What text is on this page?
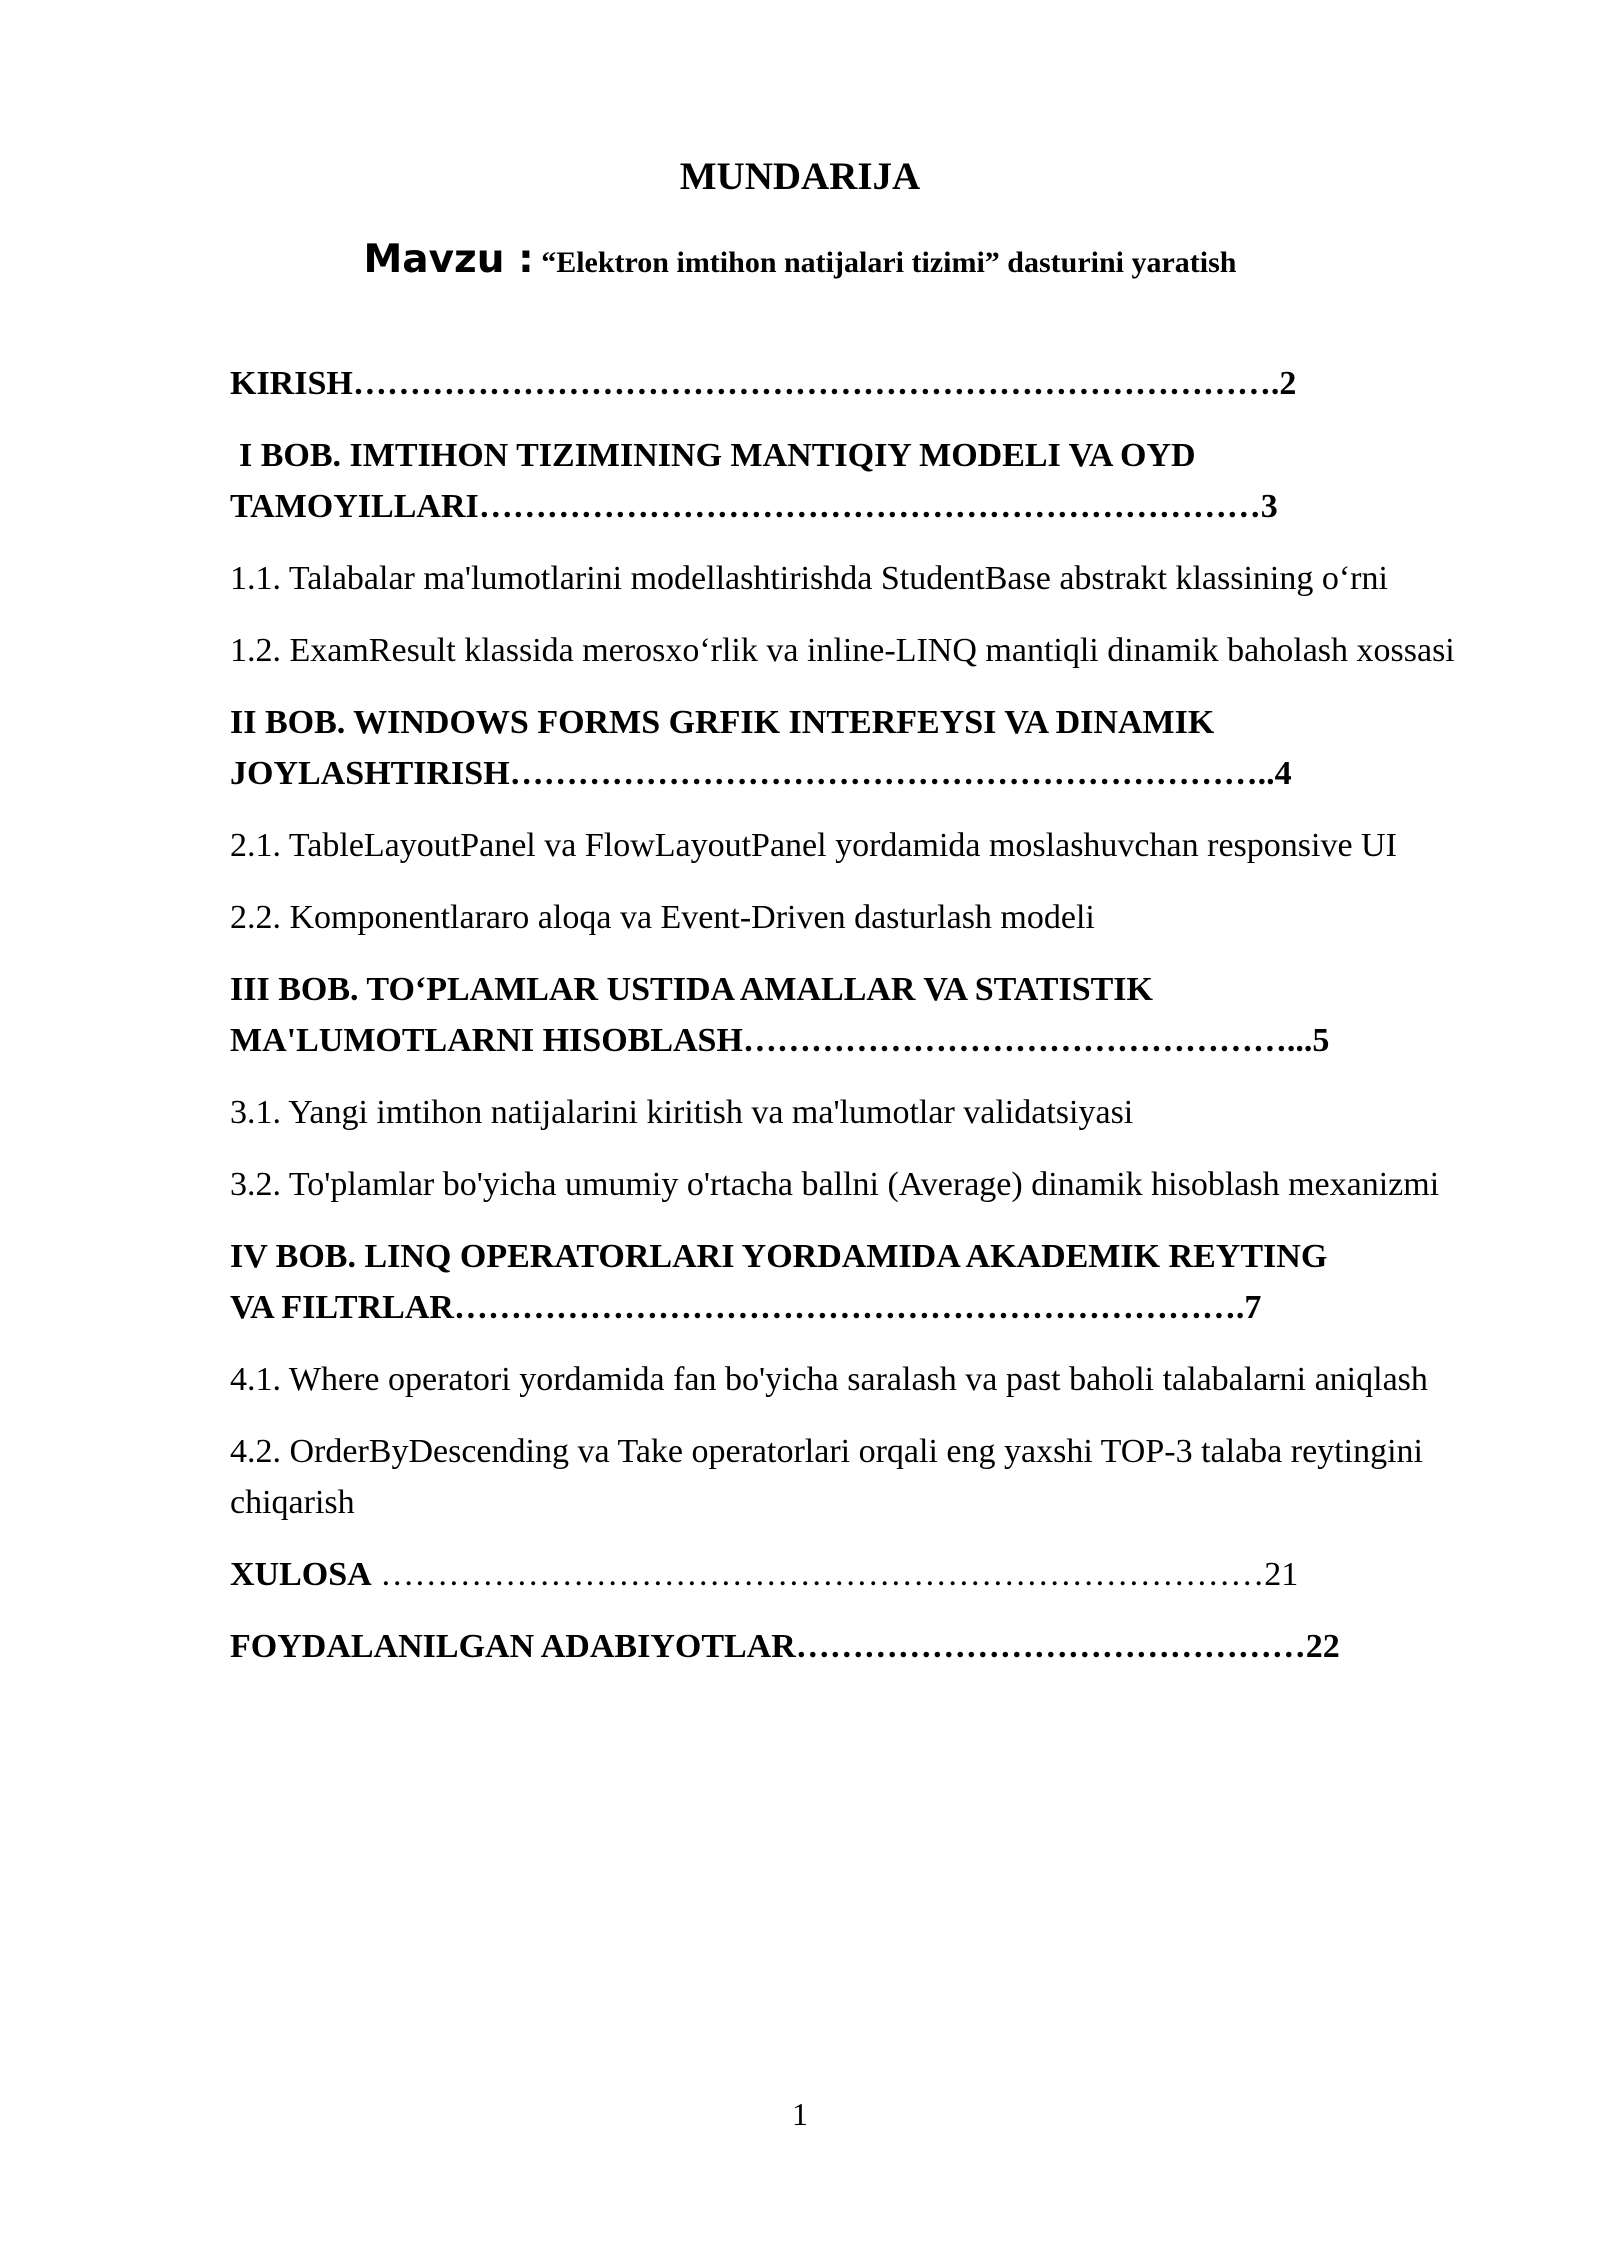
MUNDARIJA

Mavzu : “Elektron imtihon natijalari tizimi” dasturini yaratish

KIRISH……………………………………………………………………….2

I BOB. IMTIHON TIZIMINING MANTIQIY MODELI VA OYD
TAMOYILLARI……………………………………………………………3

1.1. Talabalar ma'lumotlarini modellashtirishda StudentBase abstrakt klassining o‘rni

1.2. ExamResult klassida merosxo‘rlik va inline-LINQ mantiqli dinamik baholash xossasi

II BOB. WINDOWS FORMS GRFIK INTERFEYSI VA DINAMIK
JOYLASHTIRISH…………………………………………………………..4

2.1. TableLayoutPanel va FlowLayoutPanel yordamida moslashuvchan responsive UI

2.2. Komponentlararo aloqa va Event-Driven dasturlash modeli

III BOB. TO‘PLAMLAR USTIDA AMALLAR VA STATISTIK
MA'LUMOTLARNI HISOBLASH…………………………………………...5

3.1. Yangi imtihon natijalarini kiritish va ma'lumotlar validatsiyasi

3.2. To'plamlar bo'yicha umumiy o'rtacha ballni (Average) dinamik hisoblash mexanizmi

IV BOB. LINQ OPERATORLARI YORDAMIDA AKADEMIK REYTING
VA FILTRLAR…………………………………………………………….7

4.1. Where operatori yordamida fan bo'yicha saralash va past baholi talabalarni aniqlash

4.2. OrderByDescending va Take operatorlari orqali eng yaxshi TOP-3 talaba reytingini chiqarish

XULOSA ……………………………………………………………………21

FOYDALANILGAN ADABIYOTLAR………………………………………22

1
